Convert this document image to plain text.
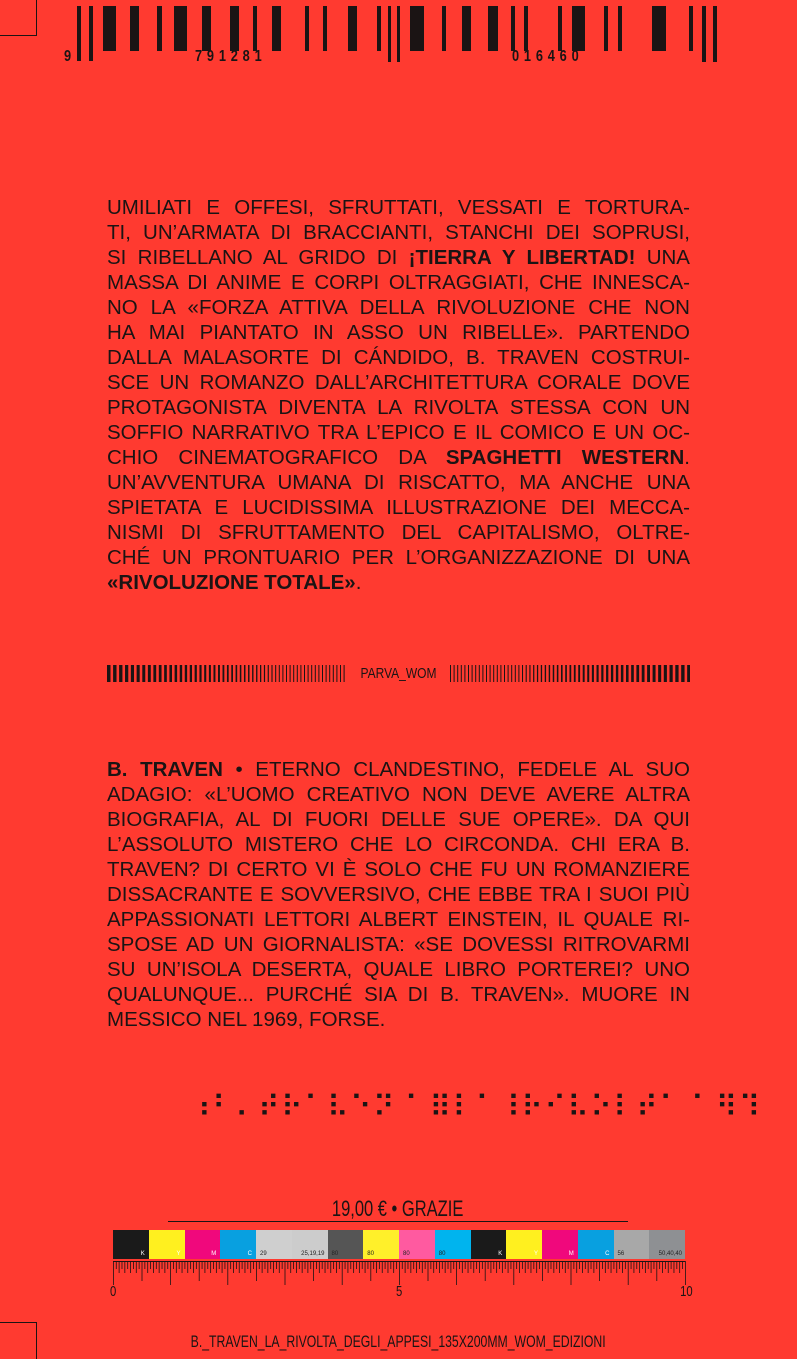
9	791281	016460
UMILIATI E OFFESI, SFRUTTATI, VESSATI E TORTURA-
TI, UN’ARMATA DI BRACCIANTI, STANCHI DEI SOPRUSI,
SI RIBELLANO AL GRIDO DI ¡TIERRA Y LIBERTAD! UNA
MASSA DI ANIME E CORPI OLTRAGGIATI, CHE INNESCA-
NO LA «FORZA ATTIVA DELLA RIVOLUZIONE CHE NON
HA MAI PIANTATO IN ASSO UN RIBELLE». PARTENDO
DALLA MALASORTE DI CÁNDIDO, B. TRAVEN COSTRUI-
SCE UN ROMANZO DALL’ARCHITETTURA CORALE DOVE
PROTAGONISTA DIVENTA LA RIVOLTA STESSA CON UN
SOFFIO NARRATIVO TRA L’EPICO E IL COMICO E UN OC-
CHIO CINEMATOGRAFICO DA SPAGHETTI WESTERN.
UN’AVVENTURA UMANA DI RISCATTO, MA ANCHE UNA
SPIETATA E LUCIDISSIMA ILLUSTRAZIONE DEI MECCA-
NISMI DI SFRUTTAMENTO DEL CAPITALISMO, OLTRE-
CHÉ UN PRONTUARIO PER L’ORGANIZZAZIONE DI UNA
«RIVOLUZIONE TOTALE».
PARVA_WOM
B. TRAVEN • ETERNO CLANDESTINO, FEDELE AL SUO
ADAGIO: «L’UOMO CREATIVO NON DEVE AVERE ALTRA
BIOGRAFIA, AL DI FUORI DELLE SUE OPERE». DA QUI
L’ASSOLUTO MISTERO CHE LO CIRCONDA. CHI ERA B.
TRAVEN? DI CERTO VI È SOLO CHE FU UN ROMANZIERE
DISSACRANTE E SOVVERSIVO, CHE EBBE TRA I SUOI PIÙ
APPASSIONATI LETTORI ALBERT EINSTEIN, IL QUALE RI-
SPOSE AD UN GIORNALISTA: «SE DOVESSI RITROVARMI
SU UN’ISOLA DESERTA, QUALE LIBRO PORTEREI? UNO
QUALUNQUE... PURCHÉ SIA DI B. TRAVEN». MUORE IN
MESSICO NEL 1969, FORSE.
⠰⠃⠄⠞⠗⠁⠧⠑⠝⠈ ⠿⠇⠁⠸⠗⠊⠧⠕⠇⠞⠁⠈ ⠻⠹
19,00 € • GRAZIE
K	Y	M	C 29	25,19,19 80	80	80	80	K	Y	M	C 56	50,40,40
0	5	10
B._TRAVEN_LA_RIVOLTA_DEGLI_APPESI_135X200MM_WOM_EDIZIONI
